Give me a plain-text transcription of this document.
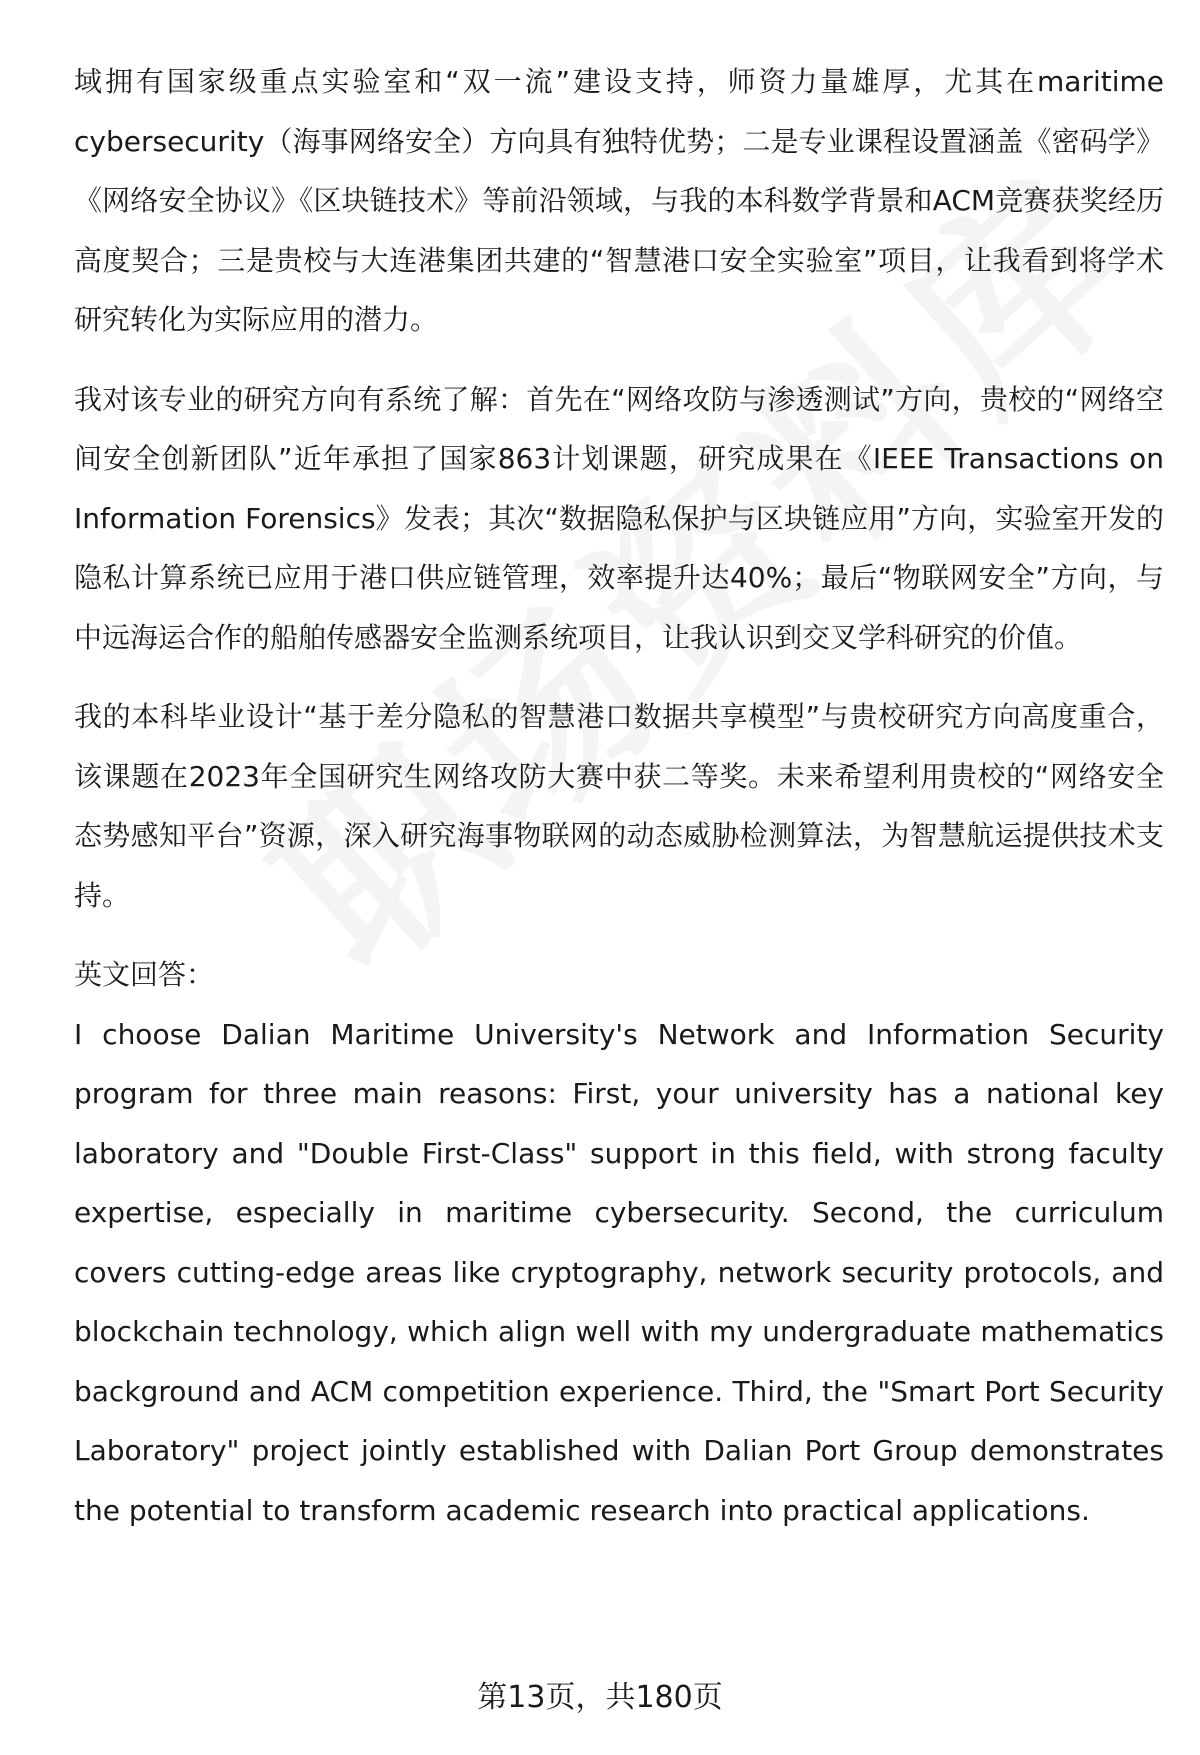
域拥有国家级重点实验室和“双一流”建设支持，师资力量雄厚，尤其在maritime cybersecurity（海事网络安全）方向具有独特优势；二是专业课程设置涵盖《密码学》《网络安全协议》《区块链技术》等前沿领域，与我的本科数学背景和ACM竞赛获奖经历高度契合；三是贵校与大连港集团共建的“智慧港口安全实验室”项目，让我看到将学术研究转化为实际应用的潜力。

我对该专业的研究方向有系统了解：首先在“网络攻防与渗透测试”方向，贵校的“网络空间安全创新团队”近年承担了国家863计划课题，研究成果在《IEEE Transactions on Information Forensics》发表；其次“数据隐私保护与区块链应用”方向，实验室开发的隐私计算系统已应用于港口供应链管理，效率提升达40%；最后“物联网安全”方向，与中远海运合作的船舶传感器安全监测系统项目，让我认识到交叉学科研究的价值。

我的本科毕业设计“基于差分隐私的智慧港口数据共享模型”与贵校研究方向高度重合，该课题在2023年全国研究生网络攻防大赛中获二等奖。未来希望利用贵校的“网络安全态势感知平台”资源，深入研究海事物联网的动态威胁检测算法，为智慧航运提供技术支持。

英文回答：

I choose Dalian Maritime University's Network and Information Security program for three main reasons: First, your university has a national key laboratory and "Double First-Class" support in this field, with strong faculty expertise, especially in maritime cybersecurity. Second, the curriculum covers cutting-edge areas like cryptography, network security protocols, and blockchain technology, which align well with my undergraduate mathematics background and ACM competition experience. Third, the "Smart Port Security Laboratory" project jointly established with Dalian Port Group demonstrates the potential to transform academic research into practical applications.

第13页，共180页
